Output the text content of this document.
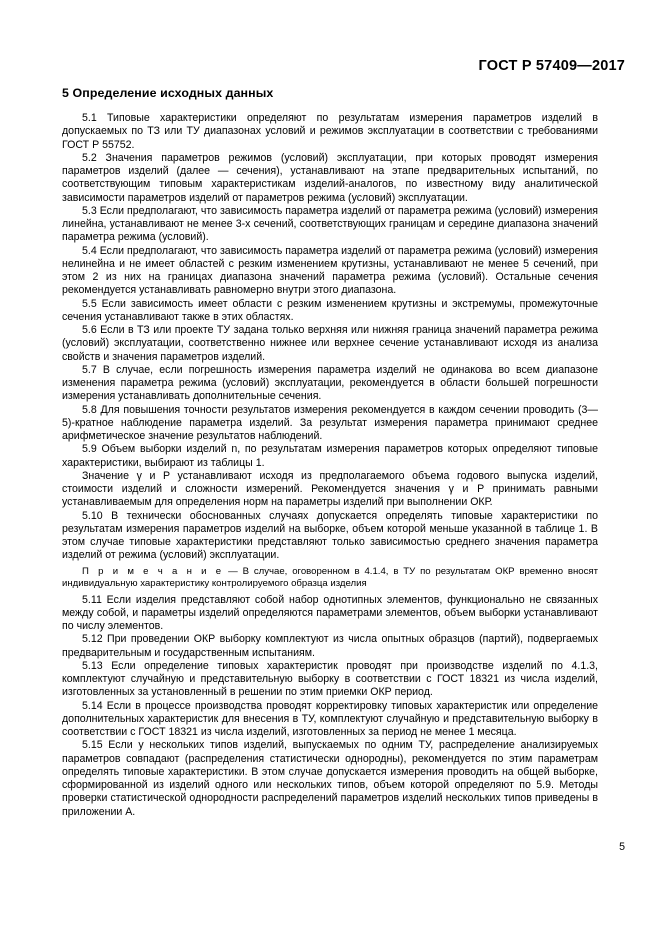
ГОСТ Р 57409—2017
5 Определение исходных данных

5.1 Типовые характеристики определяют по результатам измерения параметров изделий в допускаемых по ТЗ или ТУ диапазонах условий и режимов эксплуатации в соответствии с требованиями ГОСТ Р 55752.

5.2 Значения параметров режимов (условий) эксплуатации, при которых проводят измерения параметров изделий (далее — сечения), устанавливают на этапе предварительных испытаний, по соответствующим типовым характеристикам изделий-аналогов, по известному виду аналитической зависимости параметров изделий от параметров режима (условий) эксплуатации.

5.3 Если предполагают, что зависимость параметра изделий от параметра режима (условий) измерения линейна, устанавливают не менее 3-х сечений, соответствующих границам и середине диапазона значений параметра режима (условий).

5.4 Если предполагают, что зависимость параметра изделий от параметра режима (условий) измерения нелинейна и не имеет областей с резким изменением крутизны, устанавливают не менее 5 сечений, при этом 2 из них на границах диапазона значений параметра режима (условий). Остальные сечения рекомендуется устанавливать равномерно внутри этого диапазона.

5.5 Если зависимость имеет области с резким изменением крутизны и экстремумы, промежуточные сечения устанавливают также в этих областях.

5.6 Если в ТЗ или проекте ТУ задана только верхняя или нижняя граница значений параметра режима (условий) эксплуатации, соответственно нижнее или верхнее сечение устанавливают исходя из анализа свойств и значения параметров изделий.

5.7 В случае, если погрешность измерения параметра изделий не одинакова во всем диапазоне изменения параметра режима (условий) эксплуатации, рекомендуется в области большей погрешности измерения устанавливать дополнительные сечения.

5.8 Для повышения точности результатов измерения рекомендуется в каждом сечении проводить (3—5)-кратное наблюдение параметра изделий. За результат измерения параметра принимают среднее арифметическое значение результатов наблюдений.

5.9 Объем выборки изделий n, по результатам измерения параметров которых определяют типовые характеристики, выбирают из таблицы 1.

Значение γ и P устанавливают исходя из предполагаемого объема годового выпуска изделий, стоимости изделий и сложности измерений. Рекомендуется значения γ и P принимать равными устанавливаемым для определения норм на параметры изделий при выполнении ОКР.

5.10 В технически обоснованных случаях допускается определять типовые характеристики по результатам измерения параметров изделий на выборке, объем которой меньше указанной в таблице 1. В этом случае типовые характеристики представляют только зависимостью среднего значения параметра изделий от режима (условий) эксплуатации.

П р и м е ч а н и е — В случае, оговоренном в 4.1.4, в ТУ по результатам ОКР временно вносят индивидуальную характеристику контролируемого образца изделия

5.11 Если изделия представляют собой набор однотипных элементов, функционально не связанных между собой, и параметры изделий определяются параметрами элементов, объем выборки устанавливают по числу элементов.

5.12 При проведении ОКР выборку комплектуют из числа опытных образцов (партий), подвергаемых предварительным и государственным испытаниям.

5.13 Если определение типовых характеристик проводят при производстве изделий по 4.1.3, комплектуют случайную и представительную выборку в соответствии с ГОСТ 18321 из числа изделий, изготовленных за установленный в решении по этим приемки ОКР период.

5.14 Если в процессе производства проводят корректировку типовых характеристик или определение дополнительных характеристик для внесения в ТУ, комплектуют случайную и представительную выборку в соответствии с ГОСТ 18321 из числа изделий, изготовленных за период не менее 1 месяца.

5.15 Если у нескольких типов изделий, выпускаемых по одним ТУ, распределение анализируемых параметров совпадают (распределения статистически однородны), рекомендуется по этим параметрам определять типовые характеристики. В этом случае допускается измерения проводить на общей выборке, сформированной из изделий одного или нескольких типов, объем которой определяют по 5.9. Методы проверки статистической однородности распределений параметров изделий нескольких типов приведены в приложении А.

5
